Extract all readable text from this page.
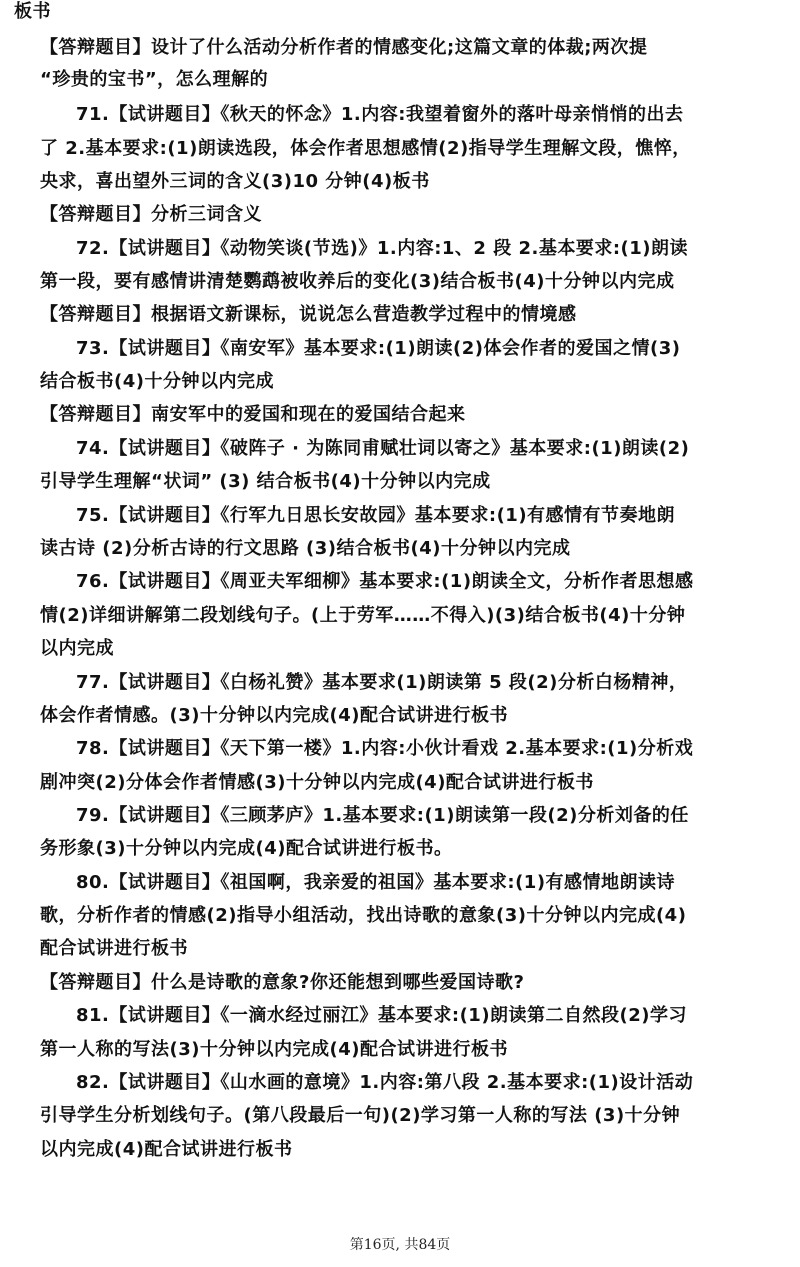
板书
【答辩题目】设计了什么活动分析作者的情感变化;这篇文章的体裁;两次提
“珍贵的宝书”，怎么理解的
71.【试讲题目】《秋天的怀念》1.内容:我望着窗外的落叶母亲悄悄的出去
了 2.基本要求:(1)朗读选段，体会作者思想感情(2)指导学生理解文段，憔悴，
央求，喜出望外三词的含义(3)10 分钟(4)板书
【答辩题目】分析三词含义
72.【试讲题目】《动物笑谈(节选)》1.内容:1、2 段 2.基本要求:(1)朗读
第一段，要有感情讲清楚鹦鹉被收养后的变化(3)结合板书(4)十分钟以内完成
【答辩题目】根据语文新课标，说说怎么营造教学过程中的情境感
73.【试讲题目】《南安军》基本要求:(1)朗读(2)体会作者的爱国之情(3)
结合板书(4)十分钟以内完成
【答辩题目】南安军中的爱国和现在的爱国结合起来
74.【试讲题目】《破阵子 · 为陈同甫赋壮词以寄之》基本要求:(1)朗读(2)
引导学生理解“状词” (3) 结合板书(4)十分钟以内完成
75.【试讲题目】《行军九日思长安故园》基本要求:(1)有感情有节奏地朗
读古诗 (2)分析古诗的行文思路 (3)结合板书(4)十分钟以内完成
76.【试讲题目】《周亚夫军细柳》基本要求:(1)朗读全文，分析作者思想感
情(2)详细讲解第二段划线句子。(上于劳军……不得入)(3)结合板书(4)十分钟
以内完成
77.【试讲题目】《白杨礼赞》基本要求(1)朗读第 5 段(2)分析白杨精神，
体会作者情感。(3)十分钟以内完成(4)配合试讲进行板书
78.【试讲题目】《天下第一楼》1.内容:小伙计看戏 2.基本要求:(1)分析戏
剧冲突(2)分体会作者情感(3)十分钟以内完成(4)配合试讲进行板书
79.【试讲题目】《三顾茅庐》1.基本要求:(1)朗读第一段(2)分析刘备的任
务形象(3)十分钟以内完成(4)配合试讲进行板书。
80.【试讲题目】《祖国啊，我亲爱的祖国》基本要求:(1)有感情地朗读诗
歌，分析作者的情感(2)指导小组活动，找出诗歌的意象(3)十分钟以内完成(4)
配合试讲进行板书
【答辩题目】什么是诗歌的意象?你还能想到哪些爱国诗歌?
81.【试讲题目】《一滴水经过丽江》基本要求:(1)朗读第二自然段(2)学习
第一人称的写法(3)十分钟以内完成(4)配合试讲进行板书
82.【试讲题目】《山水画的意境》1.内容:第八段 2.基本要求:(1)设计活动
引导学生分析划线句子。(第八段最后一句)(2)学习第一人称的写法 (3)十分钟
以内完成(4)配合试讲进行板书
第16页, 共84页
